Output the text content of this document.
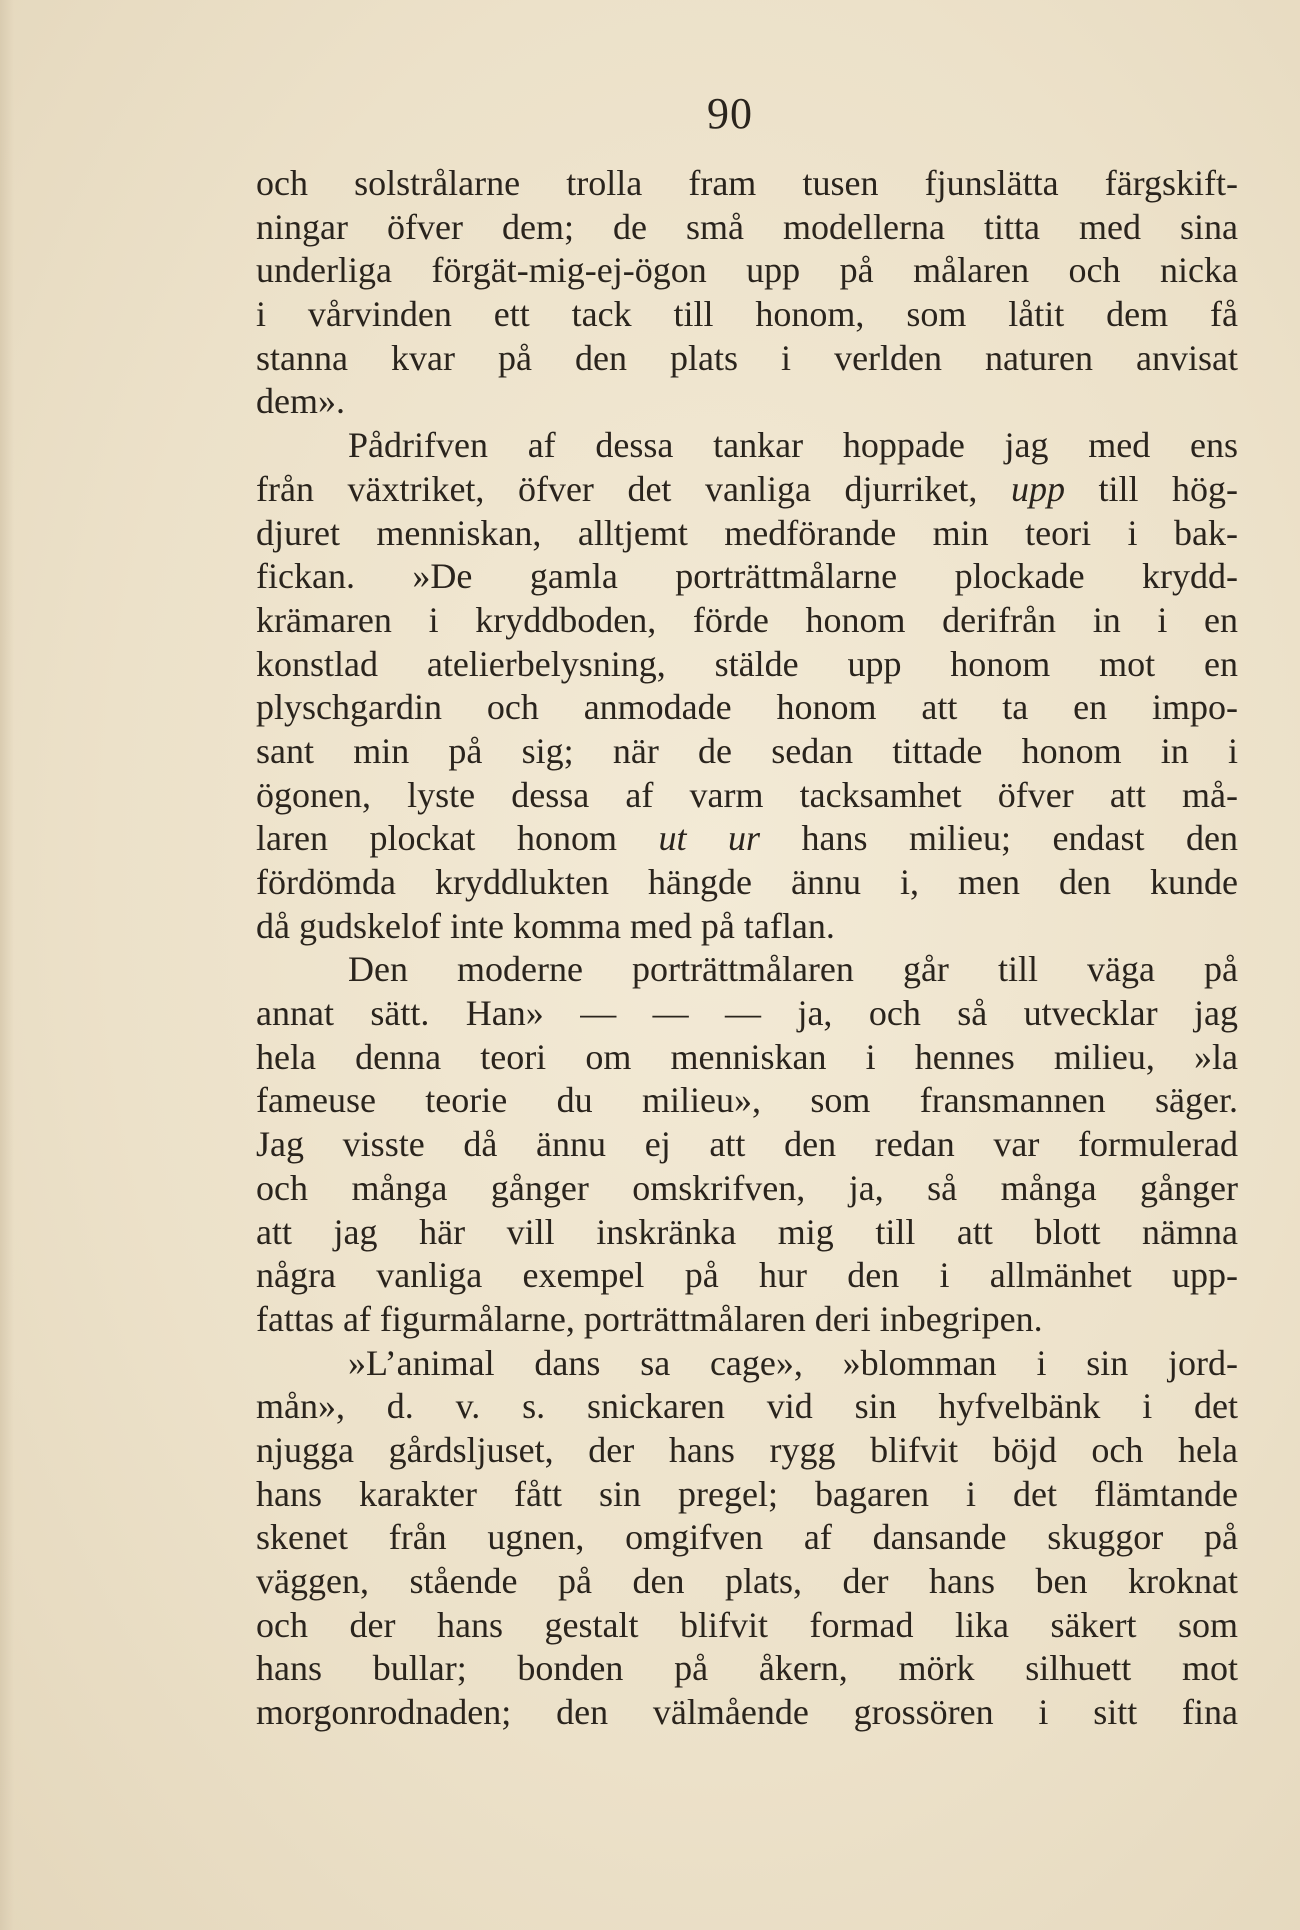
90
och solstrålarne trolla fram tusen fjunslätta färgskift-
ningar öfver dem; de små modellerna titta med sina
underliga förgät-mig-ej-ögon upp på målaren och nicka
i vårvinden ett tack till honom, som låtit dem få
stanna kvar på den plats i verlden naturen anvisat
dem».
Pådrifven af dessa tankar hoppade jag med ens
från växtriket, öfver det vanliga djurriket, upp till hög-
djuret menniskan, alltjemt medförande min teori i bak-
fickan. »De gamla porträttmålarne plockade krydd-
krämaren i kryddboden, förde honom derifrån in i en
konstlad atelierbelysning, stälde upp honom mot en
plyschgardin och anmodade honom att ta en impo-
sant min på sig; när de sedan tittade honom in i
ögonen, lyste dessa af varm tacksamhet öfver att må-
laren plockat honom ut ur hans milieu; endast den
fördömda kryddlukten hängde ännu i, men den kunde
då gudskelof inte komma med på taflan.
Den moderne porträttmålaren går till väga på
annat sätt. Han» — — — ja, och så utvecklar jag
hela denna teori om menniskan i hennes milieu, »la
fameuse teorie du milieu», som fransmannen säger.
Jag visste då ännu ej att den redan var formulerad
och många gånger omskrifven, ja, så många gånger
att jag här vill inskränka mig till att blott nämna
några vanliga exempel på hur den i allmänhet upp-
fattas af figurmålarne, porträttmålaren deri inbegripen.
»L’animal dans sa cage», »blomman i sin jord-
mån», d. v. s. snickaren vid sin hyfvelbänk i det
njugga gårdsljuset, der hans rygg blifvit böjd och hela
hans karakter fått sin pregel; bagaren i det flämtande
skenet från ugnen, omgifven af dansande skuggor på
väggen, stående på den plats, der hans ben kroknat
och der hans gestalt blifvit formad lika säkert som
hans bullar; bonden på åkern, mörk silhuett mot
morgonrodnaden; den välmående grossören i sitt fina
